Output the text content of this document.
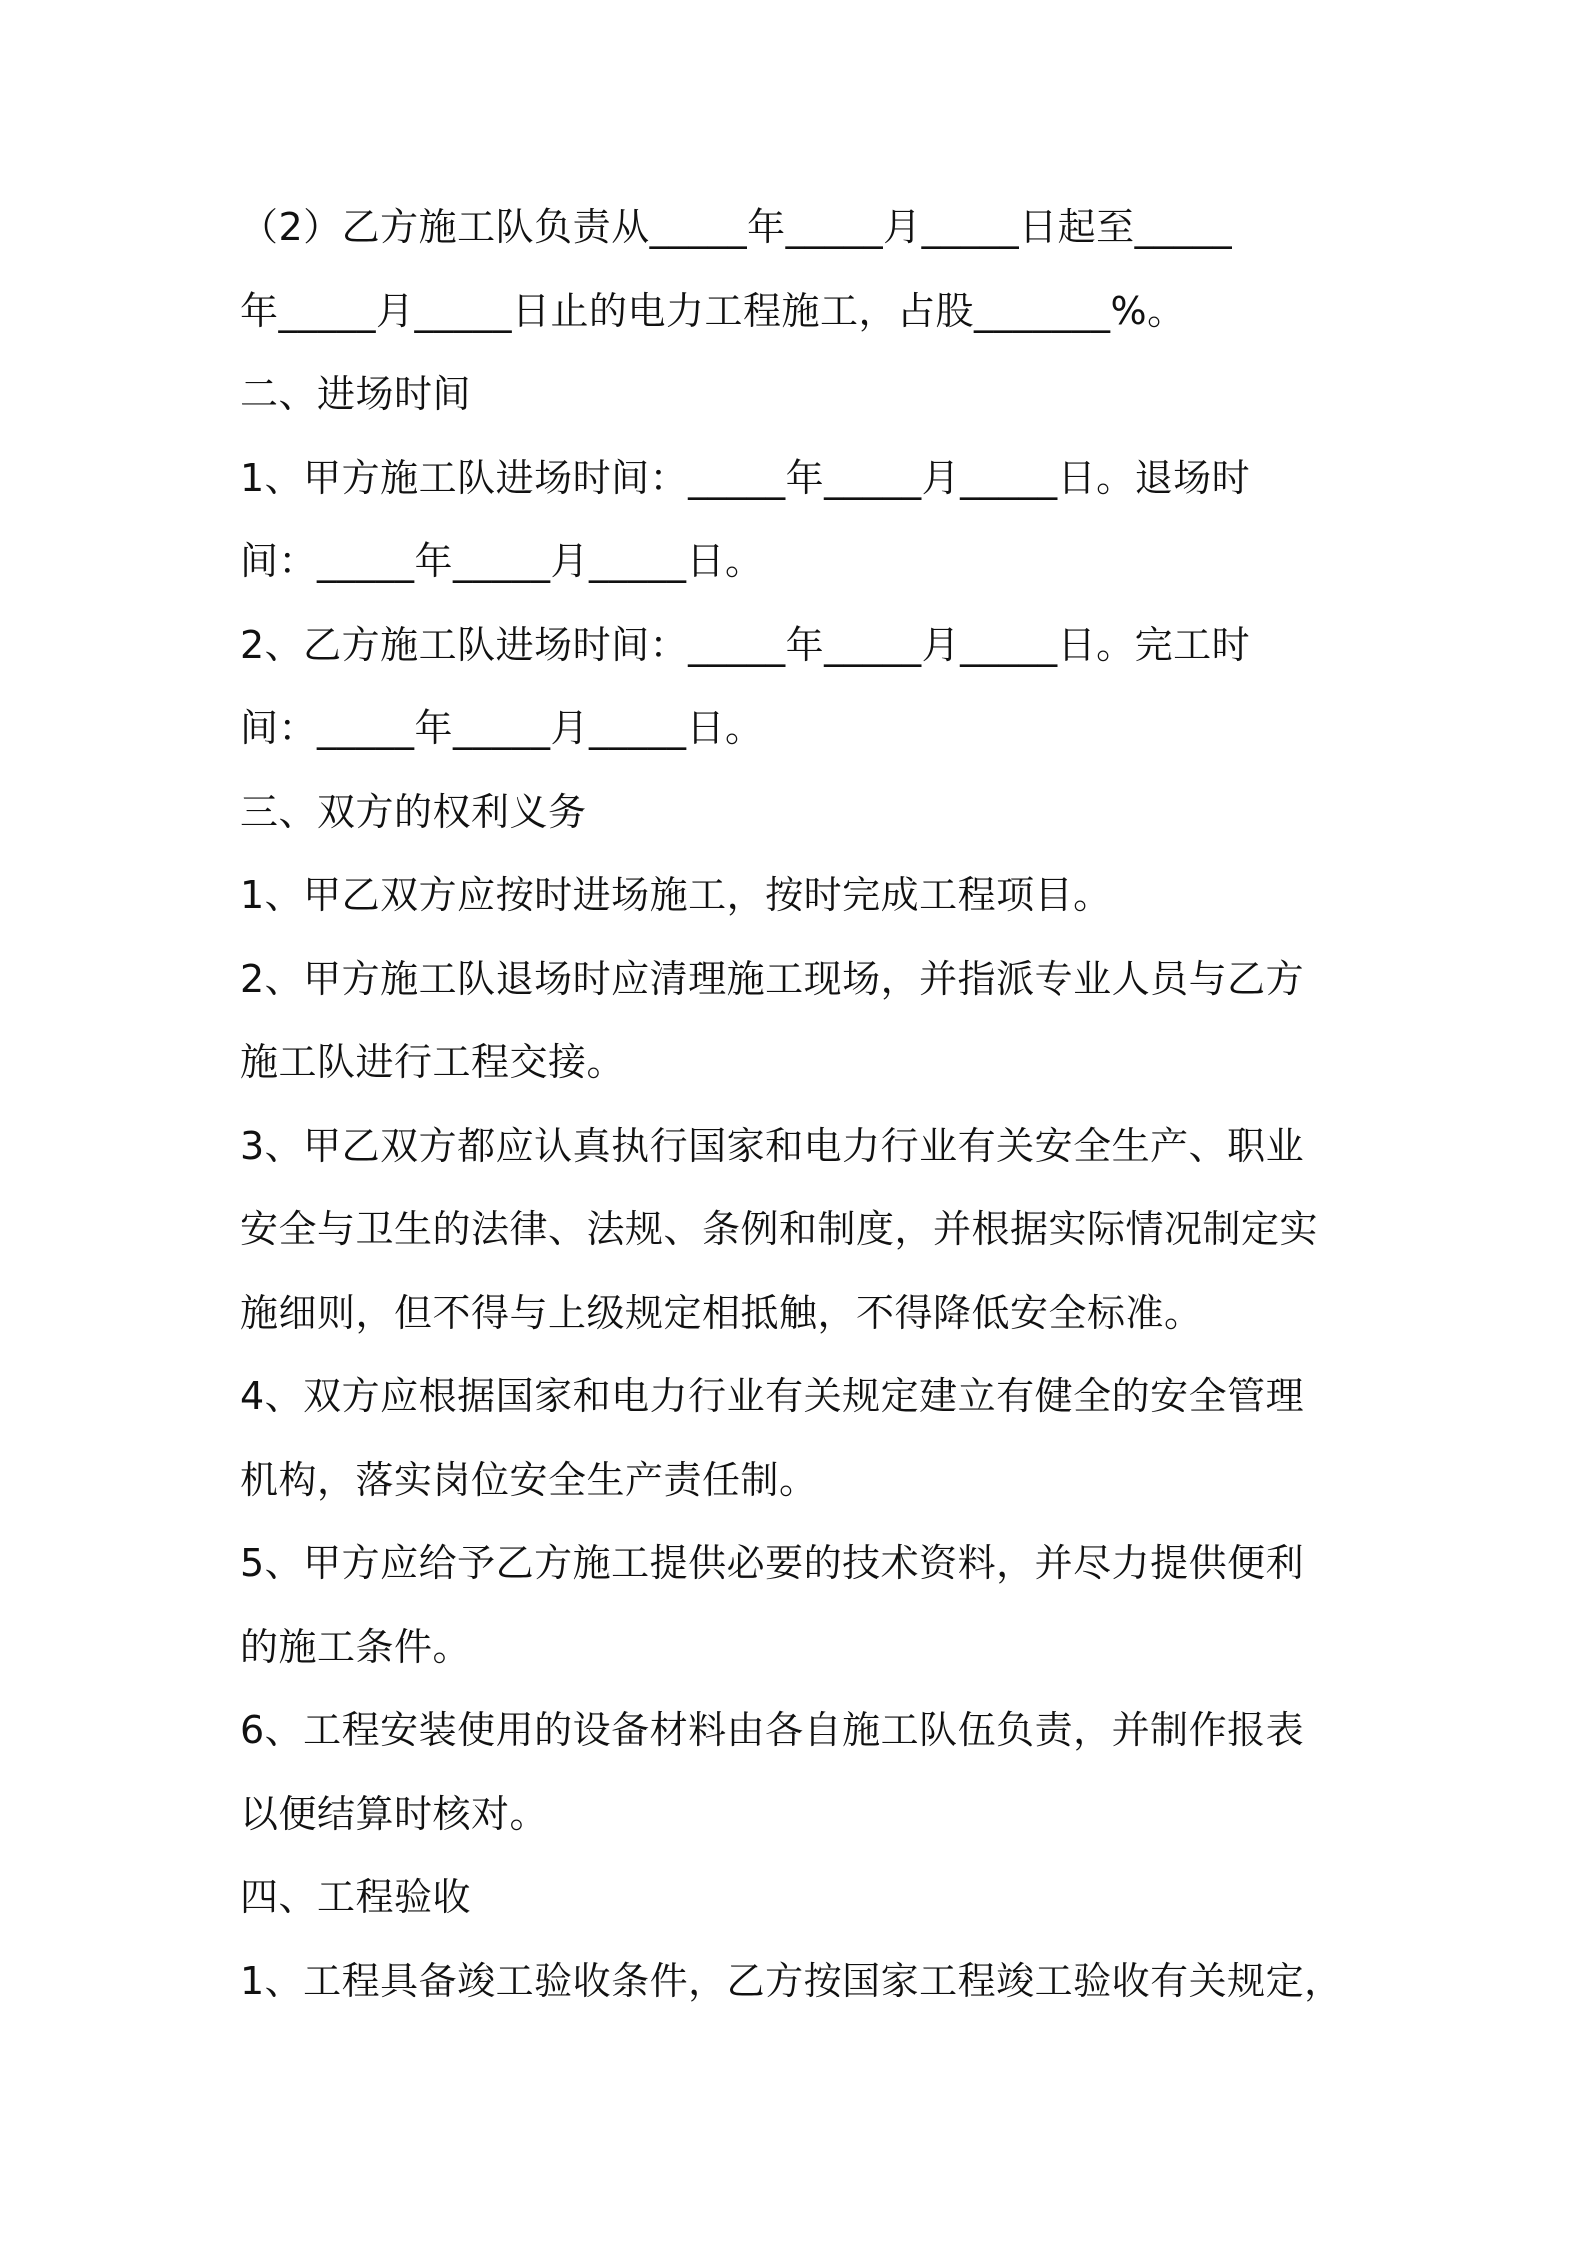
（2）乙方施工队负责从_____年_____月_____日起至_____
年_____月_____日止的电力工程施工，占股_______%。
二、进场时间
1、甲方施工队进场时间：_____年_____月_____日。退场时
间：_____年_____月_____日。
2、乙方施工队进场时间：_____年_____月_____日。完工时
间：_____年_____月_____日。
三、双方的权利义务
1、甲乙双方应按时进场施工，按时完成工程项目。
2、甲方施工队退场时应清理施工现场，并指派专业人员与乙方
施工队进行工程交接。
3、甲乙双方都应认真执行国家和电力行业有关安全生产、职业
安全与卫生的法律、法规、条例和制度，并根据实际情况制定实
施细则，但不得与上级规定相抵触，不得降低安全标准。
4、双方应根据国家和电力行业有关规定建立有健全的安全管理
机构，落实岗位安全生产责任制。
5、甲方应给予乙方施工提供必要的技术资料，并尽力提供便利
的施工条件。
6、工程安装使用的设备材料由各自施工队伍负责，并制作报表
以便结算时核对。
四、工程验收
1、工程具备竣工验收条件，乙方按国家工程竣工验收有关规定，
